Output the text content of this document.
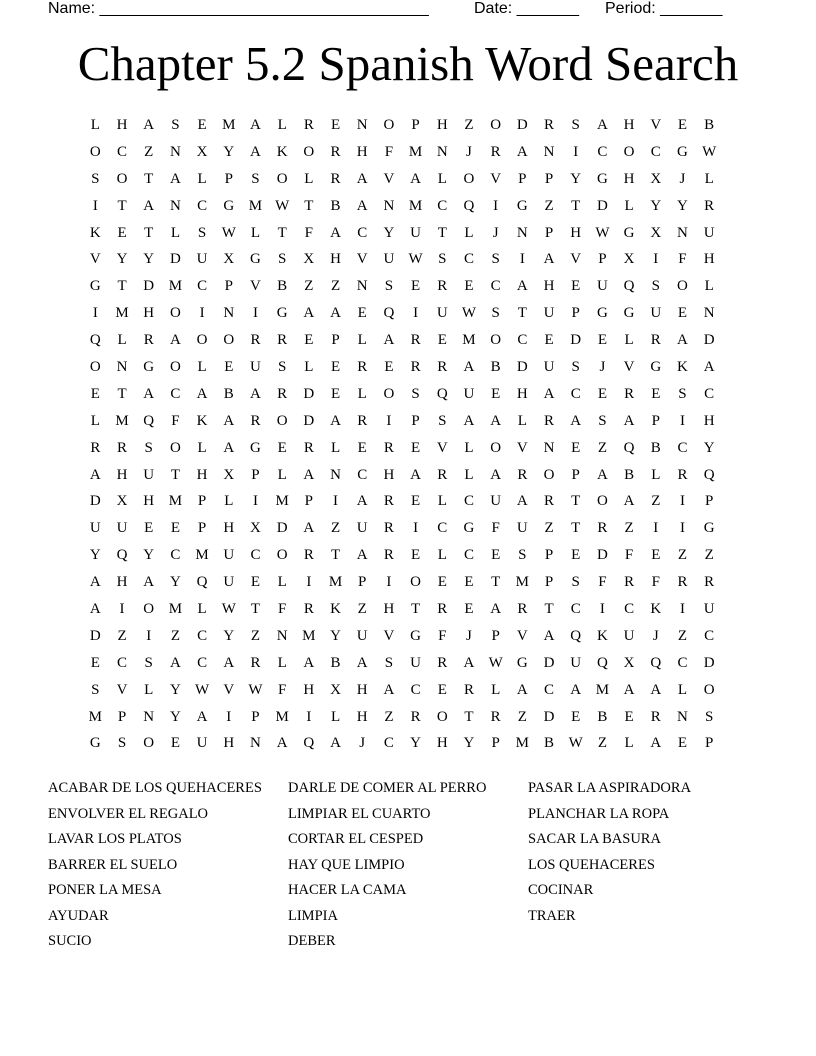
Name: _____________________________________	Date: _______ Period: _______
Chapter 5.2 Spanish Word Search
L	H	A	S	E	M A	L	R	E	N	O	P	H	Z	O	D	R	S	A	H	V	E	B
O	C	Z	N	X	Y	A	K	O	R	H	F	M N	J	R	A	N	I	C	O	C	G W
S	O	T	A	L	P	S	O	L	R	A	V	A	L	O	V	P	P	Y	G	H	X	J	L
I	T	A	N	C	G M W	T	B	A	N M	C	Q	I	G	Z	T	D	L	Y	Y	R
K	E	T	L	S	W	L	T	F	A	C	Y	U	T	L	J	N	P	H W G	X	N	U
V	Y	Y	D	U	X	G	S	X	H	V	U W	S	C	S	I	A	V	P	X	I	F	H
G	T	D M	C	P	V	B	Z	Z	N	S	E	R	E	C	A	H	E	U	Q	S	O	L
I	M H	O	I	N	I	G	A	A	E	Q	I	U W	S	T	U	P	G	G	U	E	N
Q	L	R	A	O	O	R	R	E	P	L	A	R	E	M O	C	E	D	E	L	R	A	D
O	N	G	O	L	E	U	S	L	E	R	E	R	R	A	B	D	U	S	J	V	G	K	A
E	T	A	C	A	B	A	R	D	E	L	O	S	Q	U	E	H	A	C	E	R	E	S	C
L	M Q	F	K	A	R	O	D	A	R	I	P	S	A	A	L	R	A	S	A	P	I	H
R	R	S	O	L	A	G	E	R	L	E	R	E	V	L	O	V	N	E	Z	Q	B	C	Y
A	H	U	T	H	X	P	L	A	N	C	H	A	R	L	A	R	O	P	A	B	L	R	Q
D	X	H M	P	L	I	M	P	I	A	R	E	L	C	U	A	R	T	O	A	Z	I	P
U	U	E	E	P	H	X	D	A	Z	U	R	I	C	G	F	U	Z	T	R	Z	I	I	G
Y	Q	Y	C	M U	C	O	R	T	A	R	E	L	C	E	S	P	E	D	F	E	Z	Z
A	H	A	Y	Q	U	E	L	I	M	P	I	O	E	E	T	M	P	S	F	R	F	R	R
A	I	O M	L	W	T	F	R	K	Z	H	T	R	E	A	R	T	C	I	C	K	I	U
D	Z	I	Z	C	Y	Z	N M Y	U	V	G	F	J	P	V	A	Q	K	U	J	Z	C
E	C	S	A	C	A	R	L	A	B	A	S	U	R	A W G	D	U	Q	X	Q	C	D
S	V	L	Y W V W	F	H	X	H	A	C	E	R	L	A	C	A M A	A	L	O
M	P	N	Y	A	I	P	M	I	L	H	Z	R	O	T	R	Z	D	E	B	E	R	N	S
G	S	O	E	U	H	N	A	Q	A	J	C	Y	H	Y	P	M	B W	Z	L	A	E	P
ACABAR DE LOS QUEHACERES	DARLE DE COMER AL PERRO	PASAR LA ASPIRADORA
ENVOLVER EL REGALO	LIMPIAR EL CUARTO	PLANCHAR LA ROPA
LAVAR LOS PLATOS	CORTAR EL CESPED	SACAR LA BASURA
BARRER EL SUELO	HAY QUE LIMPIO	LOS QUEHACERES
PONER LA MESA	HACER LA CAMA	COCINAR
AYUDAR	LIMPIA	TRAER
SUCIO	DEBER
